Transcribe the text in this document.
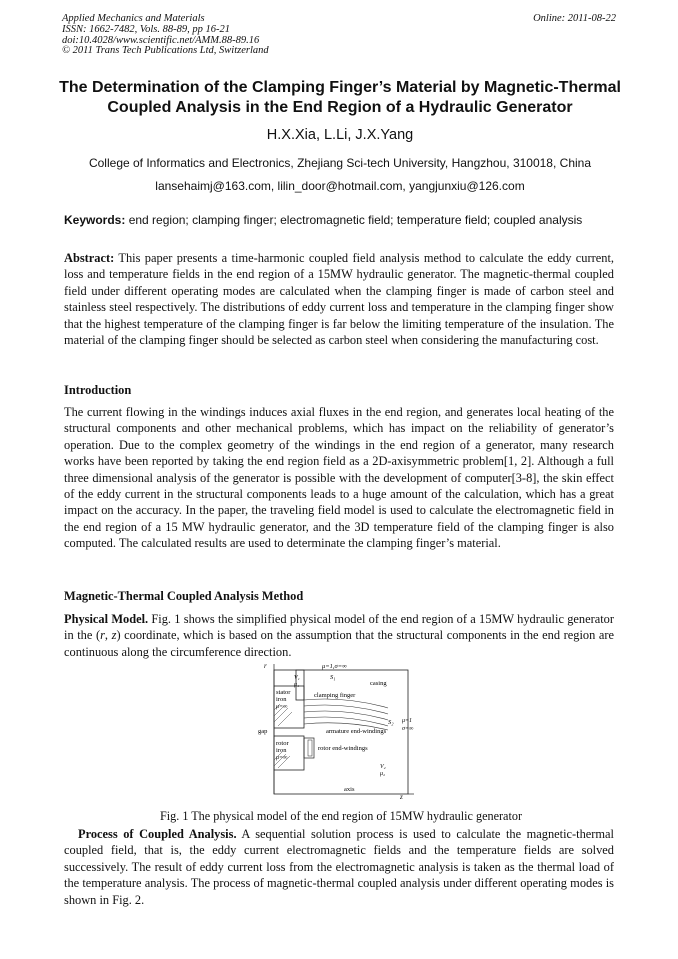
Applied Mechanics and Materials
ISSN: 1662-7482, Vols. 88-89, pp 16-21
doi:10.4028/www.scientific.net/AMM.88-89.16
© 2011 Trans Tech Publications Ltd, Switzerland
Online: 2011-08-22
The Determination of the Clamping Finger’s Material by Magnetic-Thermal Coupled Analysis in the End Region of a Hydraulic Generator
H.X.Xia, L.Li, J.X.Yang
College of Informatics and Electronics, Zhejiang Sci-tech University, Hangzhou, 310018, China
lansehaimj@163.com, lilin_door@hotmail.com, yangjunxiu@126.com
Keywords: end region; clamping finger; electromagnetic field; temperature field; coupled analysis
Abstract: This paper presents a time-harmonic coupled field analysis method to calculate the eddy current, loss and temperature fields in the end region of a 15MW hydraulic generator. The magnetic-thermal coupled field under different operating modes are calculated when the clamping finger is made of carbon steel and stainless steel respectively. The distributions of eddy current loss and temperature in the clamping finger show that the highest temperature of the clamping finger is far below the limiting temperature of the insulation. The material of the clamping finger should be selected as carbon steel when considering the manufacturing cost.
Introduction
The current flowing in the windings induces axial fluxes in the end region, and generates local heating of the structural components and other mechanical problems, which has impact on the reliability of generator’s operation. Due to the complex geometry of the windings in the end region of a generator, many research works have been reported by taking the end region field as a 2D-axisymmetric problem[1, 2]. Although a full three dimensional analysis of the generator is possible with the development of computer[3-8], the skin effect of the eddy current in the structural components leads to a huge amount of the calculation, which has a great impact on the accuracy. In the paper, the traveling field model is used to calculate the electromagnetic field in the end region of a 15 MW hydraulic generator, and the 3D temperature field of the clamping finger is also computed. The calculated results are used to determinate the clamping finger’s material.
Magnetic-Thermal Coupled Analysis Method
Physical Model. Fig. 1 shows the simplified physical model of the end region of a 15MW hydraulic generator in the (r, z) coordinate, which is based on the assumption that the structural components in the end region are continuous along the circumference direction.
r
z
μ=1,σ=∞
V₁
μ₁
S₁
casing
stator
iron
μ=∞
clamping finger
S₂ μ=1
σ=∞
gap	armature end-windings
rotor
iron
μ=∞
rotor end-windings
V₂
μ₂
axis
Fig. 1 The physical model of the end region of 15MW hydraulic generator
Process of Coupled Analysis. A sequential solution process is used to calculate the magnetic-thermal coupled field, that is, the eddy current electromagnetic fields and the temperature fields are solved successively. The result of eddy current loss from the electromagnetic analysis is taken as the thermal load of the temperature analysis. The process of magnetic-thermal coupled analysis under different operating modes is shown in Fig. 2.
